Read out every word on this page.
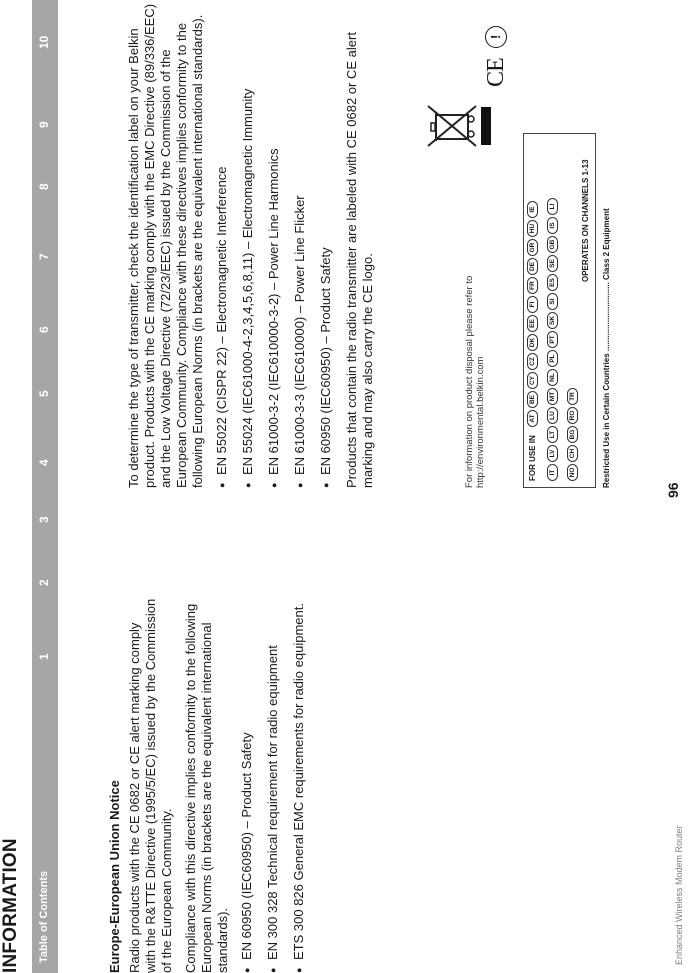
INFORMATION Table of Contents
1
2
3
4
5
6
7
8
9
10
Europe-European Union Notice Radio products with the CE 0682 or CE alert marking comply with the R&TTE Directive (1995/5/EC) issued by the Commission of the European Community. Compliance with this directive implies conformity to the following European Norms (in brackets are the equivalent international standards). ● EN 60950 (IEC60950) – Product Safety ● EN 300 328 Technical requirement for radio equipment ● ETS 300 826 General EMC requirements for radio equipment.

To determine the type of transmitter, check the identification label on your Belkin product. Products with the CE marking comply with the EMC Directive (89/336/EEC) and the Low Voltage Directive (72/23/EEC) issued by the Commission of the European Community. Compliance with these directives implies conformity to the following European Norms (in brackets are the equivalent international standards). ● EN 55022 (CISPR 22) – Electromagnetic Interference ● EN 55024 (IEC61000-4-2,3,4,5,6,8,11) – Electromagnetic Immunity ● EN 61000-3-2 (IEC610000-3-2) – Power Line Harmonics ● EN 61000-3-3 (IEC610000) – Power Line Flicker ● EN 60950 (IEC60950) – Product Safety Products that contain the radio transmitter are labeled with CE 0682 or CE alert marking and may also carry the CE logo.	For information on product disposal please refer to http://environmental.belkin.com
CE !
FOR USE IN
AT
BE
CY
CZ
DK
EE
FI
FR
DE
GR
HU
IE
IT
LV
LT
LU
MT
NL
PL
PT
SK
SI
ES
SE
GB
IS
LI
NO
CH
BG
RO
TR
OPERATES ON CHANNELS 1-13
Restricted Use in Certain Countries ............................... Class 2 Equipment
96
Enhanced Wireless Modem Router
